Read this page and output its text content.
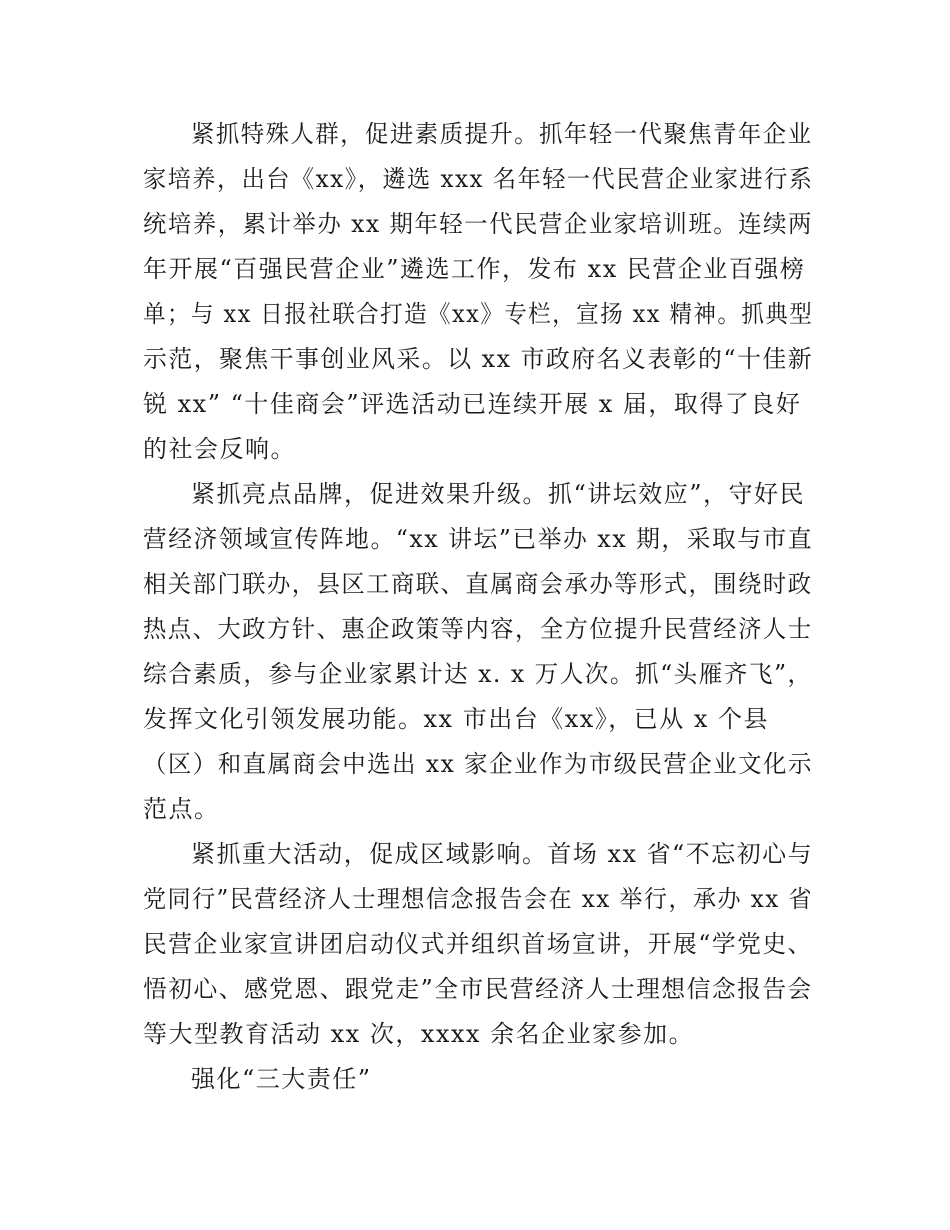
紧抓特殊人群，促进素质提升。抓年轻一代聚焦青年企业
家培养，出台《xx》，遴选 xxx 名年轻一代民营企业家进行系
统培养，累计举办 xx 期年轻一代民营企业家培训班。连续两
年开展“百强民营企业”遴选工作，发布 xx 民营企业百强榜
单；与 xx 日报社联合打造《xx》专栏，宣扬 xx 精神。抓典型
示范，聚焦干事创业风采。以 xx 市政府名义表彰的“十佳新
锐 xx” “十佳商会”评选活动已连续开展 x 届，取得了良好
的社会反响。
紧抓亮点品牌，促进效果升级。抓“讲坛效应”，守好民
营经济领域宣传阵地。“xx 讲坛”已举办 xx 期，采取与市直
相关部门联办，县区工商联、直属商会承办等形式，围绕时政
热点、大政方针、惠企政策等内容，全方位提升民营经济人士
综合素质，参与企业家累计达 x. x 万人次。抓“头雁齐飞”，
发挥文化引领发展功能。xx 市出台《xx》，已从 x 个县
（区）和直属商会中选出 xx 家企业作为市级民营企业文化示
范点。
紧抓重大活动，促成区域影响。首场 xx 省“不忘初心与
党同行”民营经济人士理想信念报告会在 xx 举行，承办 xx 省
民营企业家宣讲团启动仪式并组织首场宣讲，开展“学党史、
悟初心、感党恩、跟党走”全市民营经济人士理想信念报告会
等大型教育活动 xx 次，xxxx 余名企业家参加。
强化“三大责任”
